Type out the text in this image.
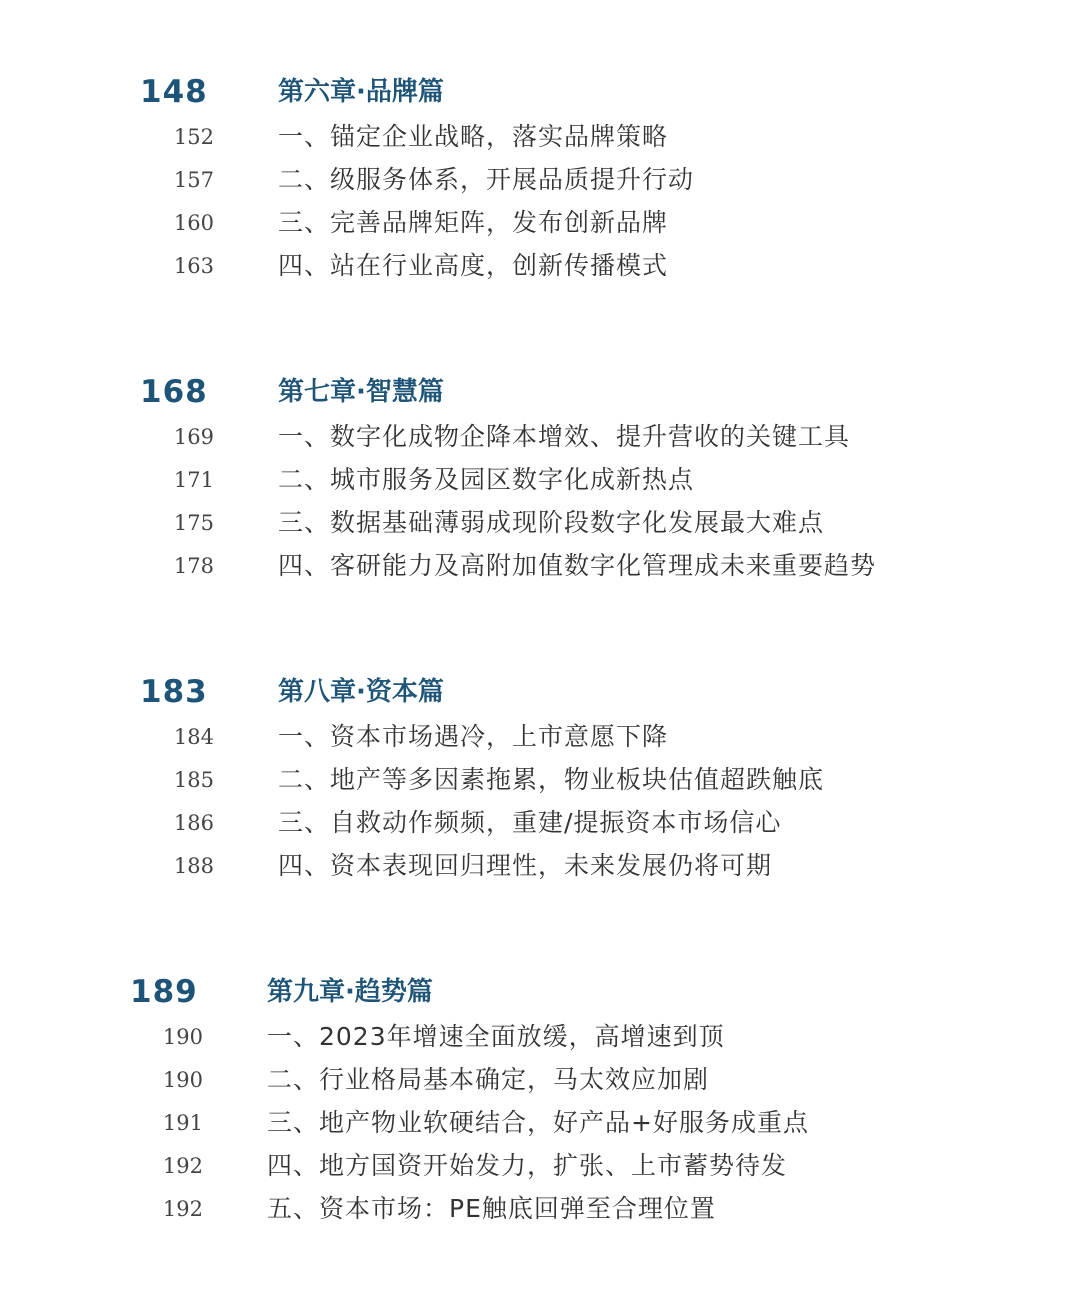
148	第六章·品牌篇
152	一、锚定企业战略，落实品牌策略
157	二、级服务体系，开展品质提升行动
160	三、完善品牌矩阵，发布创新品牌
163	四、站在行业高度，创新传播模式
168	第七章·智慧篇
169	一、数字化成物企降本增效、提升营收的关键工具
171	二、城市服务及园区数字化成新热点
175	三、数据基础薄弱成现阶段数字化发展最大难点
178	四、客研能力及高附加值数字化管理成未来重要趋势
183	第八章·资本篇
184	一、资本市场遇冷，上市意愿下降
185	二、地产等多因素拖累，物业板块估值超跌触底
186	三、自救动作频频，重建/提振资本市场信心
188	四、资本表现回归理性，未来发展仍将可期
189	第九章·趋势篇
190	一、2023年增速全面放缓，高增速到顶
190	二、行业格局基本确定，马太效应加剧
191	三、地产物业软硬结合，好产品+好服务成重点
192	四、地方国资开始发力，扩张、上市蓄势待发
192	五、资本市场：PE触底回弹至合理位置
